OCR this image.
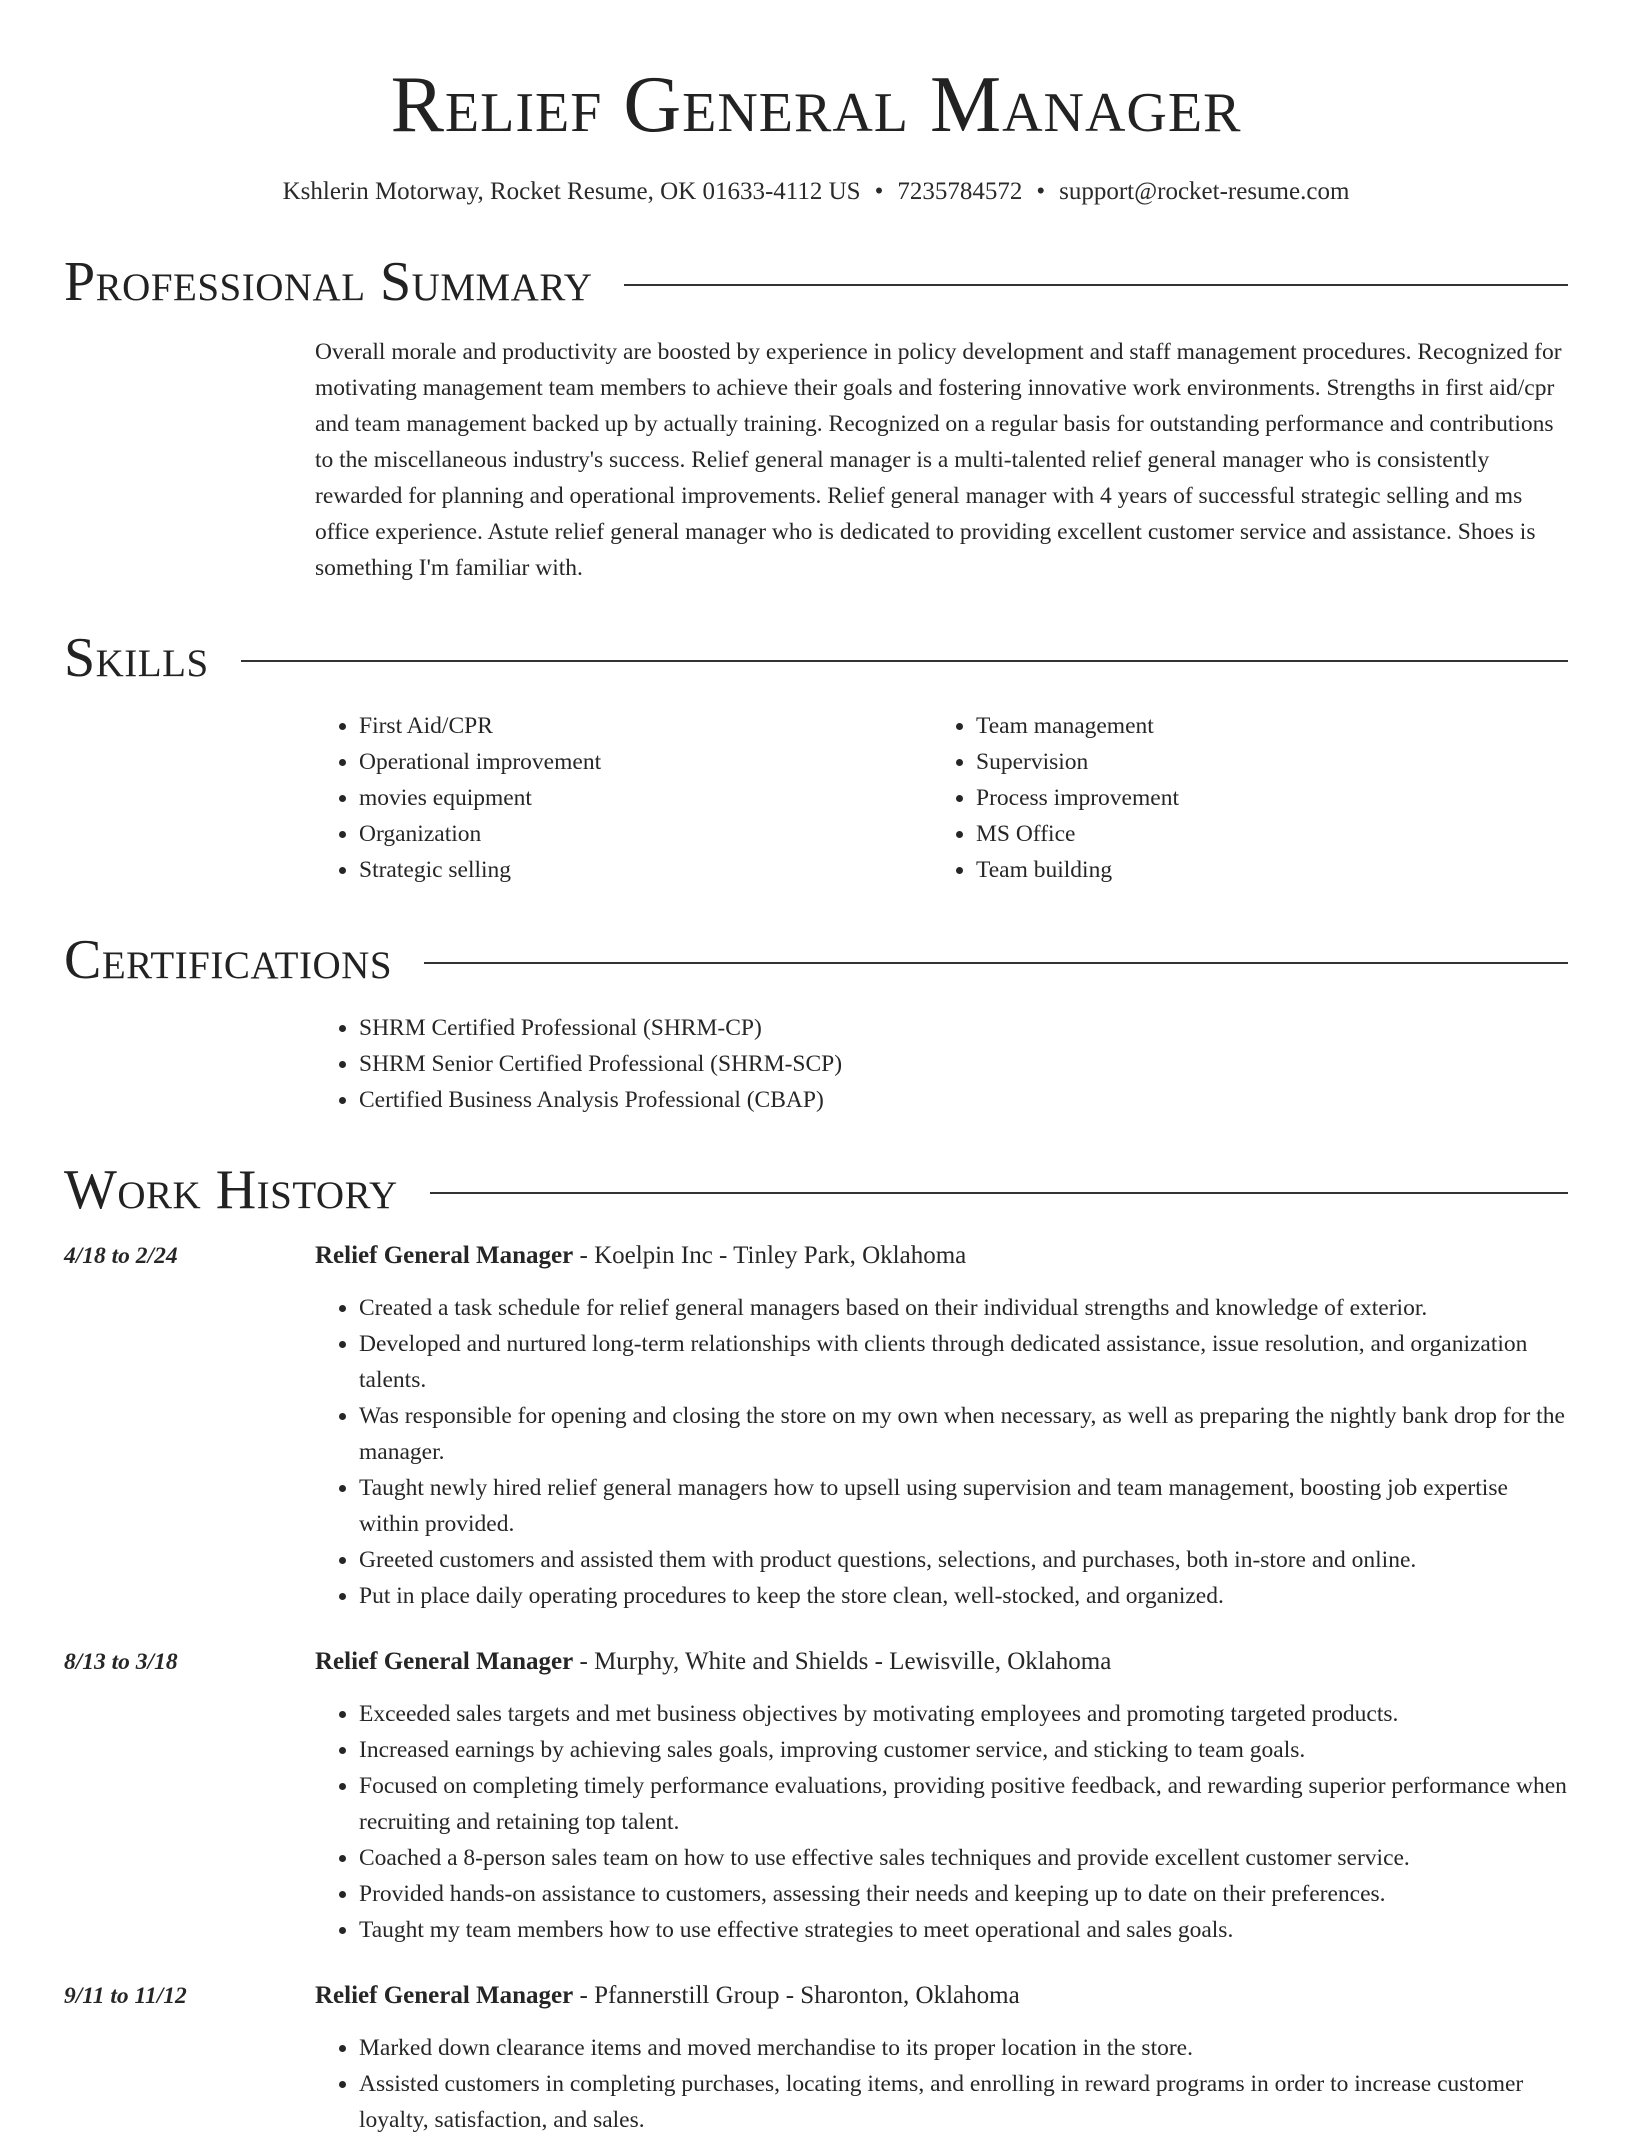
Relief General Manager
Kshlerin Motorway, Rocket Resume, OK 01633-4112 US • 7235784572 • support@rocket-resume.com
Professional Summary

Overall morale and productivity are boosted by experience in policy development and staff management procedures. Recognized for motivating management team members to achieve their goals and fostering innovative work environments. Strengths in first aid/cpr and team management backed up by actually training. Recognized on a regular basis for outstanding performance and contributions to the miscellaneous industry's success. Relief general manager is a multi-talented relief general manager who is consistently rewarded for planning and operational improvements. Relief general manager with 4 years of successful strategic selling and ms office experience. Astute relief general manager who is dedicated to providing excellent customer service and assistance. Shoes is something I'm familiar with.

Skills
• First Aid/CPR
• Operational improvement
• movies equipment
• Organization
• Strategic selling
• Team management
• Supervision
• Process improvement
• MS Office
• Team building
Certifications
• SHRM Certified Professional (SHRM-CP)
• SHRM Senior Certified Professional (SHRM-SCP)
• Certified Business Analysis Professional (CBAP)
Work History
4/18 to 2/24	Relief General Manager - Koelpin Inc - Tinley Park, Oklahoma
• Created a task schedule for relief general managers based on their individual strengths and knowledge of exterior.
• Developed and nurtured long-term relationships with clients through dedicated assistance, issue resolution, and organization talents.
• Was responsible for opening and closing the store on my own when necessary, as well as preparing the nightly bank drop for the manager.
• Taught newly hired relief general managers how to upsell using supervision and team management, boosting job expertise within provided.
• Greeted customers and assisted them with product questions, selections, and purchases, both in-store and online.
• Put in place daily operating procedures to keep the store clean, well-stocked, and organized.
8/13 to 3/18	Relief General Manager - Murphy, White and Shields - Lewisville, Oklahoma
• Exceeded sales targets and met business objectives by motivating employees and promoting targeted products.
• Increased earnings by achieving sales goals, improving customer service, and sticking to team goals.
• Focused on completing timely performance evaluations, providing positive feedback, and rewarding superior performance when recruiting and retaining top talent.
• Coached a 8-person sales team on how to use effective sales techniques and provide excellent customer service.
• Provided hands-on assistance to customers, assessing their needs and keeping up to date on their preferences.
• Taught my team members how to use effective strategies to meet operational and sales goals.
9/11 to 11/12	Relief General Manager - Pfannerstill Group - Sharonton, Oklahoma
• Marked down clearance items and moved merchandise to its proper location in the store.
• Assisted customers in completing purchases, locating items, and enrolling in reward programs in order to increase customer loyalty, satisfaction, and sales.
